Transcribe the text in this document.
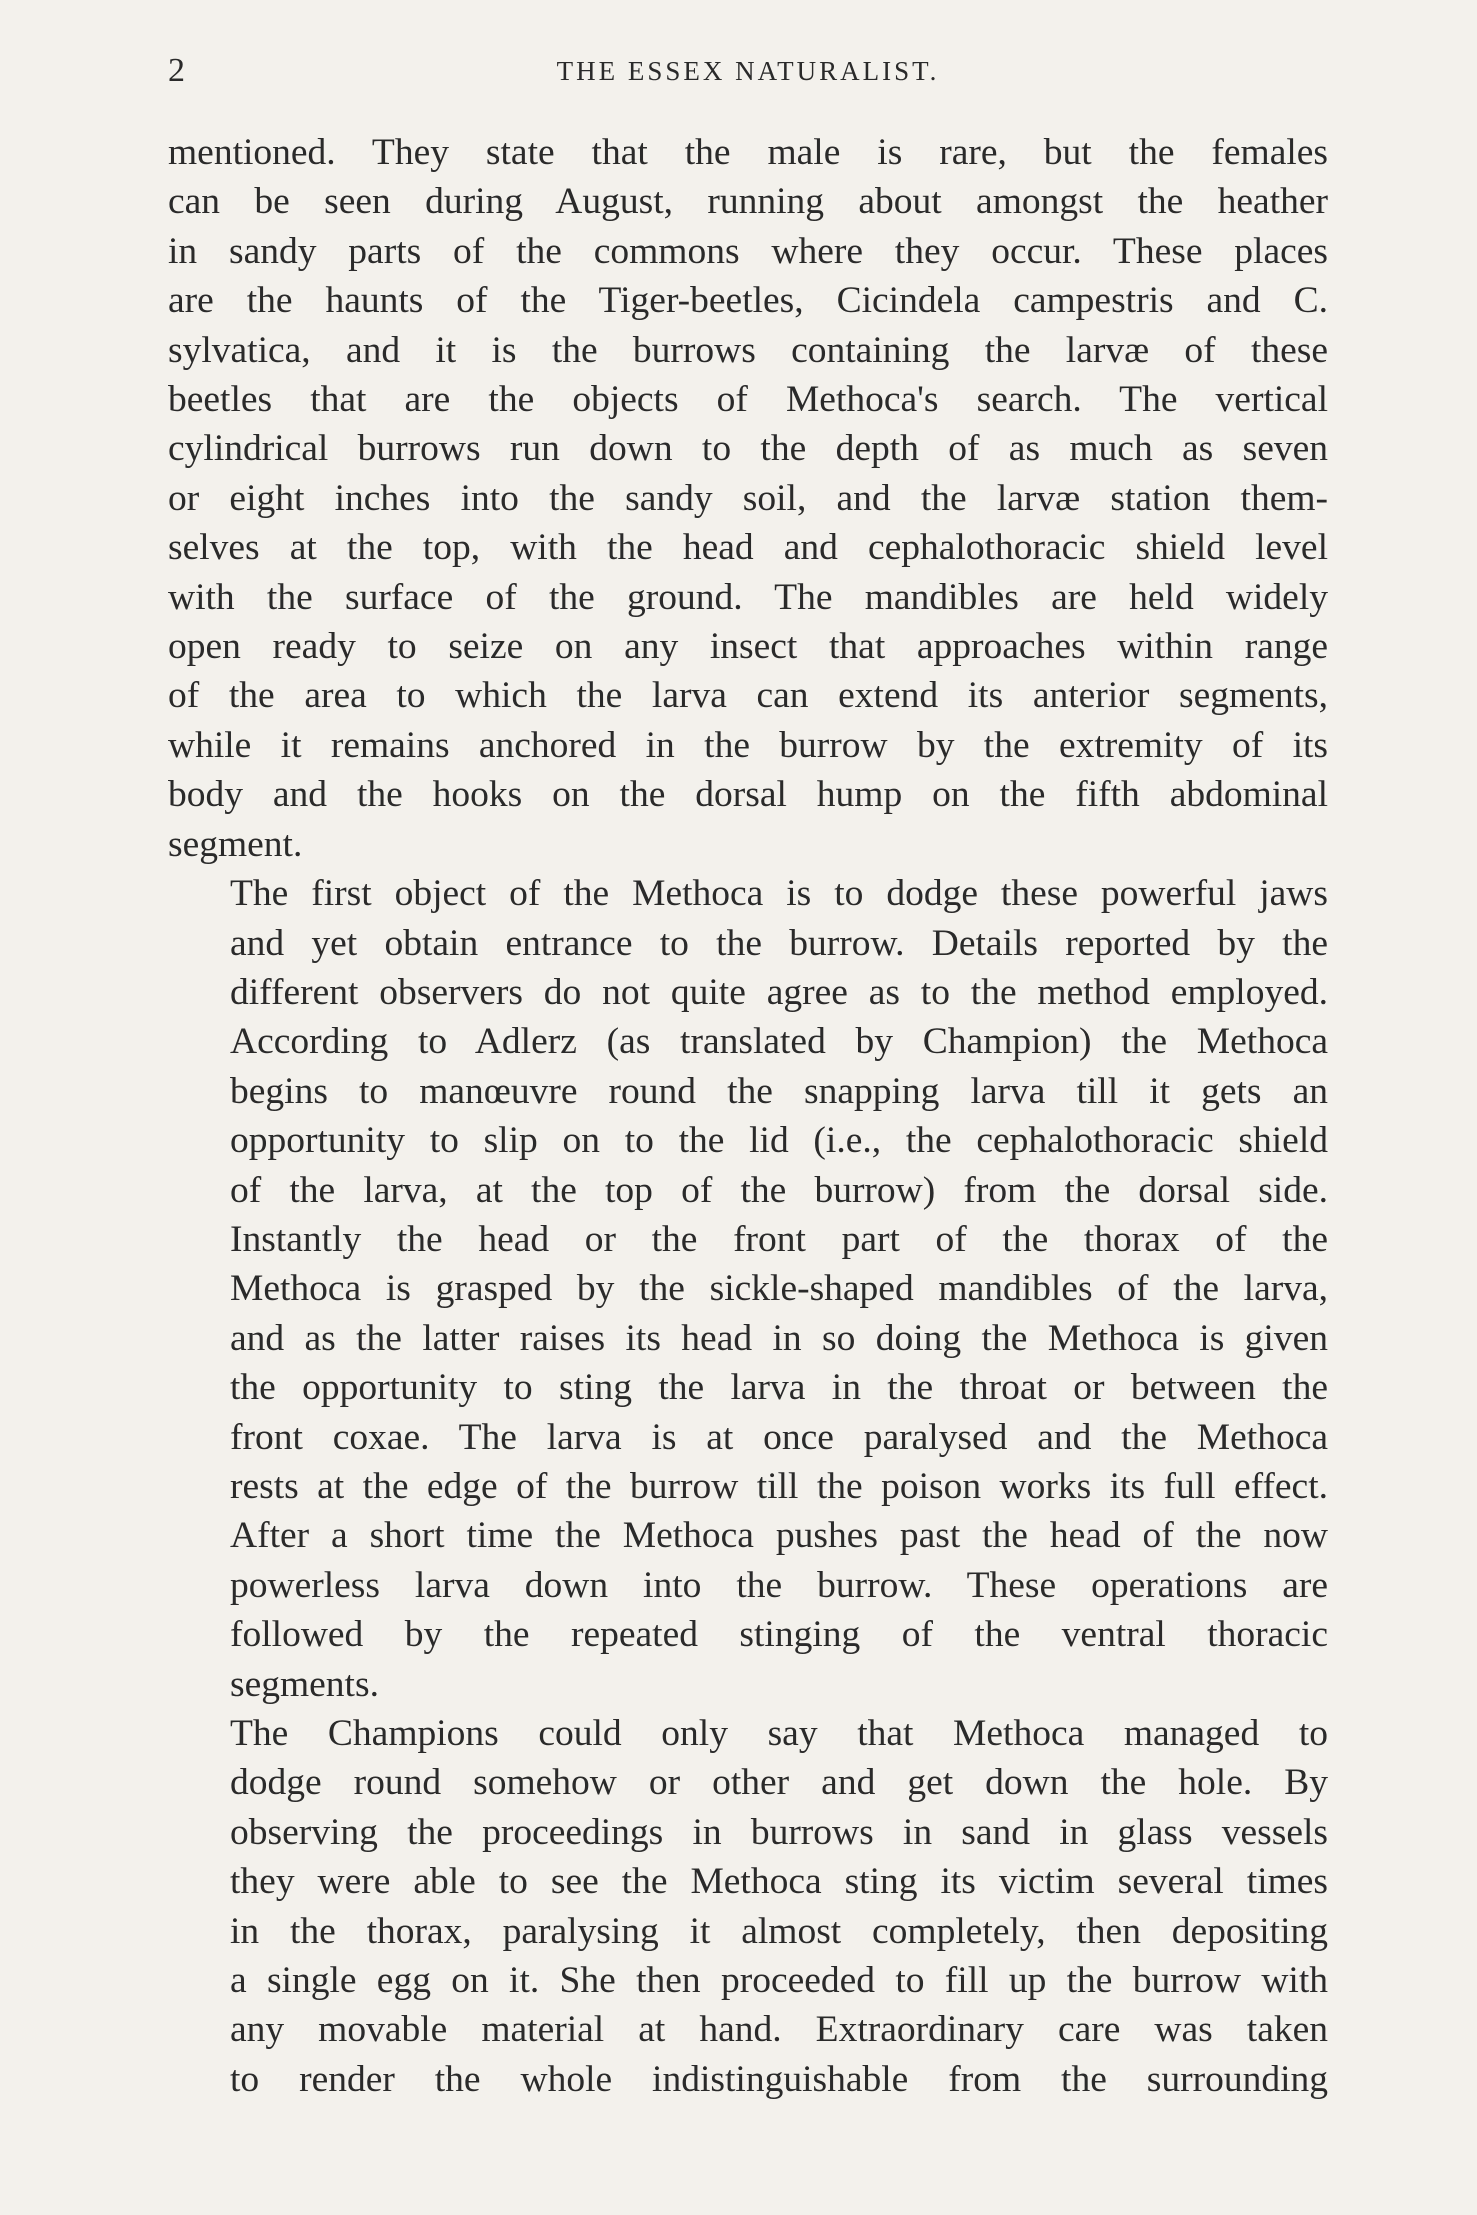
2	THE ESSEX NATURALIST.

mentioned. They state that the male is rare, but the females
can be seen during August, running about amongst the heather
in sandy parts of the commons where they occur. These places
are the haunts of the Tiger-beetles, Cicindela campestris and C.
sylvatica, and it is the burrows containing the larvæ of these
beetles that are the objects of Methoca's search. The vertical
cylindrical burrows run down to the depth of as much as seven
or eight inches into the sandy soil, and the larvæ station them-
selves at the top, with the head and cephalothoracic shield level
with the surface of the ground. The mandibles are held widely
open ready to seize on any insect that approaches within range
of the area to which the larva can extend its anterior segments,
while it remains anchored in the burrow by the extremity of its
body and the hooks on the dorsal hump on the fifth abdominal
segment.

The first object of the Methoca is to dodge these powerful jaws
and yet obtain entrance to the burrow. Details reported by the
different observers do not quite agree as to the method employed.
According to Adlerz (as translated by Champion) the Methoca
begins to manœuvre round the snapping larva till it gets an
opportunity to slip on to the lid (i.e., the cephalothoracic shield
of the larva, at the top of the burrow) from the dorsal side.
Instantly the head or the front part of the thorax of the
Methoca is grasped by the sickle-shaped mandibles of the larva,
and as the latter raises its head in so doing the Methoca is given
the opportunity to sting the larva in the throat or between the
front coxae. The larva is at once paralysed and the Methoca
rests at the edge of the burrow till the poison works its full effect.
After a short time the Methoca pushes past the head of the now
powerless larva down into the burrow. These operations are
followed by the repeated stinging of the ventral thoracic
segments.

The Champions could only say that Methoca managed to
dodge round somehow or other and get down the hole. By
observing the proceedings in burrows in sand in glass vessels
they were able to see the Methoca sting its victim several times
in the thorax, paralysing it almost completely, then depositing
a single egg on it. She then proceeded to fill up the burrow with
any movable material at hand. Extraordinary care was taken
to render the whole indistinguishable from the surrounding
